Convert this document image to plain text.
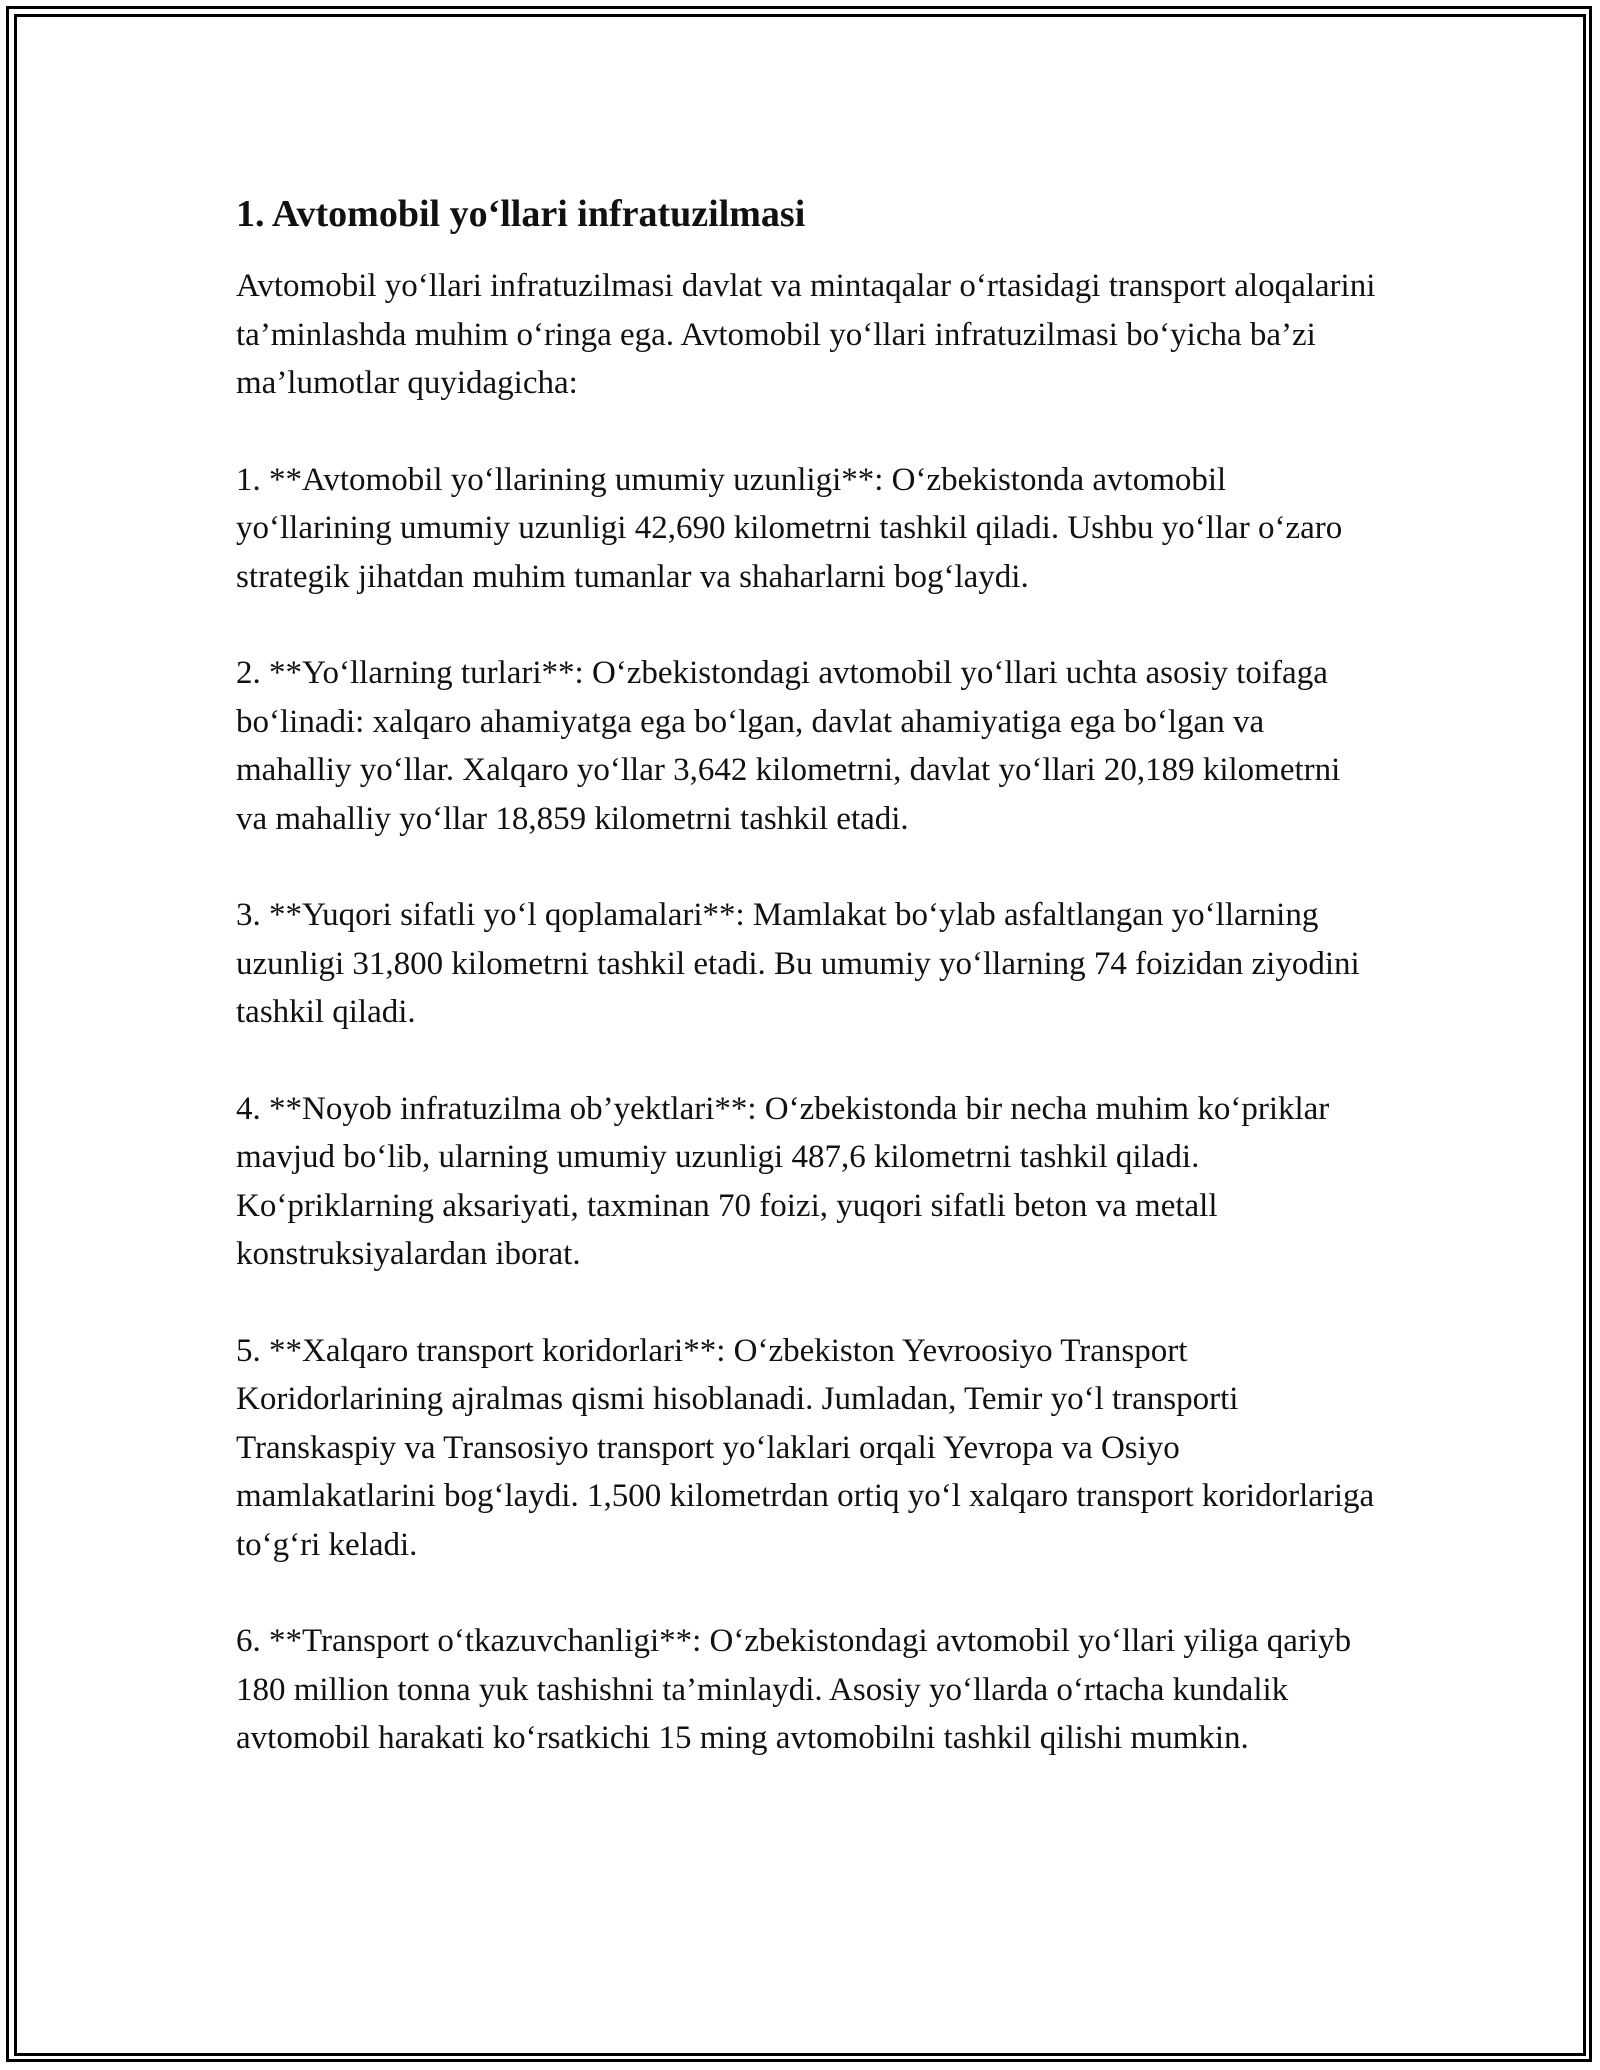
1. Avtomobil yo‘llari infratuzilmasi

Avtomobil yo‘llari infratuzilmasi davlat va mintaqalar o‘rtasidagi transport aloqalarini ta’minlashda muhim o‘ringa ega. Avtomobil yo‘llari infratuzilmasi bo‘yicha ba’zi ma’lumotlar quyidagicha:

1. **Avtomobil yo‘llarining umumiy uzunligi**: O‘zbekistonda avtomobil yo‘llarining umumiy uzunligi 42,690 kilometrni tashkil qiladi. Ushbu yo‘llar o‘zaro strategik jihatdan muhim tumanlar va shaharlarni bog‘laydi.

2. **Yo‘llarning turlari**: O‘zbekistondagi avtomobil yo‘llari uchta asosiy toifaga bo‘linadi: xalqaro ahamiyatga ega bo‘lgan, davlat ahamiyatiga ega bo‘lgan va mahalliy yo‘llar. Xalqaro yo‘llar 3,642 kilometrni, davlat yo‘llari 20,189 kilometrni va mahalliy yo‘llar 18,859 kilometrni tashkil etadi.

3. **Yuqori sifatli yo‘l qoplamalari**: Mamlakat bo‘ylab asfaltlangan yo‘llarning uzunligi 31,800 kilometrni tashkil etadi. Bu umumiy yo‘llarning 74 foizidan ziyodini tashkil qiladi.

4. **Noyob infratuzilma ob’yektlari**: O‘zbekistonda bir necha muhim ko‘priklar mavjud bo‘lib, ularning umumiy uzunligi 487,6 kilometrni tashkil qiladi. Ko‘priklarning aksariyati, taxminan 70 foizi, yuqori sifatli beton va metall konstruksiyalardan iborat.

5. **Xalqaro transport koridorlari**: O‘zbekiston Yevroosiyo Transport Koridorlarining ajralmas qismi hisoblanadi. Jumladan, Temir yo‘l transporti Transkaspiy va Transosiyo transport yo‘laklari orqali Yevropa va Osiyo mamlakatlarini bog‘laydi. 1,500 kilometrdan ortiq yo‘l xalqaro transport koridorlariga to‘g‘ri keladi.

6. **Transport o‘tkazuvchanligi**: O‘zbekistondagi avtomobil yo‘llari yiliga qariyb 180 million tonna yuk tashishni ta’minlaydi. Asosiy yo‘llarda o‘rtacha kundalik avtomobil harakati ko‘rsatkichi 15 ming avtomobilni tashkil qilishi mumkin.
